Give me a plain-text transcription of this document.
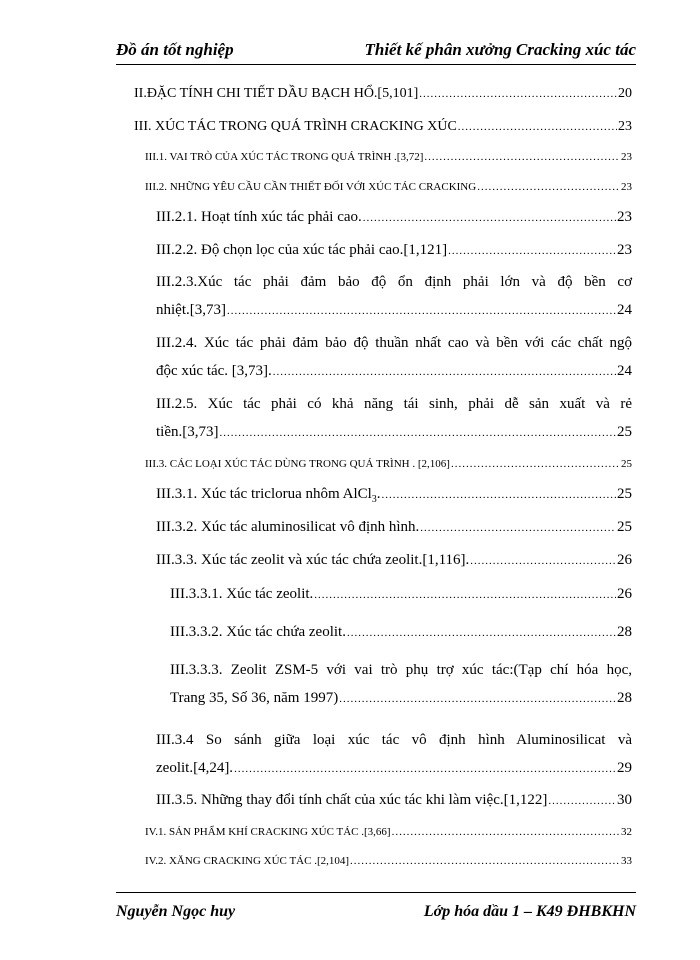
Đồ án tốt nghiệp	Thiết kế phân xưởng Cracking xúc tác
II.ĐẶC TÍNH CHI TIẾT DẦU BẠCH HỔ.[5,101] .....	20
III. XÚC TÁC TRONG QUÁ TRÌNH CRACKING XÚC .....	23
III.1. VAI TRÒ CỦA XÚC TÁC TRONG QUÁ TRÌNH .[3,72] .....	23
III.2. NHỮNG YÊU CẦU CẦN THIẾT ĐỐI VỚI XÚC TÁC CRACKING .....	23
III.2.1. Hoạt tính xúc tác phải cao. .....	23
III.2.2. Độ chọn lọc của xúc tác phải cao.[1,121] .....	23
III.2.3.Xúc tác phải đảm bảo độ ổn định phải lớn và độ bền cơ
nhiệt.[3,73] .....	24
III.2.4. Xúc tác phải đảm bảo độ thuần nhất cao và bền với các chất ngộ
độc xúc tác. [3,73]. .....	24
III.2.5. Xúc tác phải có khả năng tái sinh, phải dễ sản xuất và rẻ
tiền.[3,73] .....	25
III.3. CÁC LOẠI XÚC TÁC DÙNG TRONG QUÁ TRÌNH . [2,106] .....	25
III.3.1. Xúc tác triclorua nhôm AlCl$_3$. .....	25
III.3.2. Xúc tác aluminosilicat vô định hình. .....	25
III.3.3. Xúc tác zeolit và xúc tác chứa zeolit.[1,116]. .....	26
III.3.3.1. Xúc tác zeolit. .....	26
III.3.3.2. Xúc tác chứa zeolit. .....	28
III.3.3.3. Zeolit ZSM-5 với vai trò phụ trợ xúc tác:(Tạp chí hóa học,
Trang 35, Số 36, năm 1997) .....	28
III.3.4 So sánh giữa loại xúc tác vô định hình Aluminosilicat và
zeolit.[4,24]. .....	29
III.3.5. Những thay đổi tính chất của xúc tác khi làm việc.[1,122] .....	30
IV.1. SẢN PHẨM KHÍ CRACKING XÚC TÁC .[3,66] .....	32
IV.2. XĂNG CRACKING XÚC TÁC .[2,104] .....	33
Nguyễn Ngọc huy	Lớp hóa dầu 1 – K49 ĐHBKHN
